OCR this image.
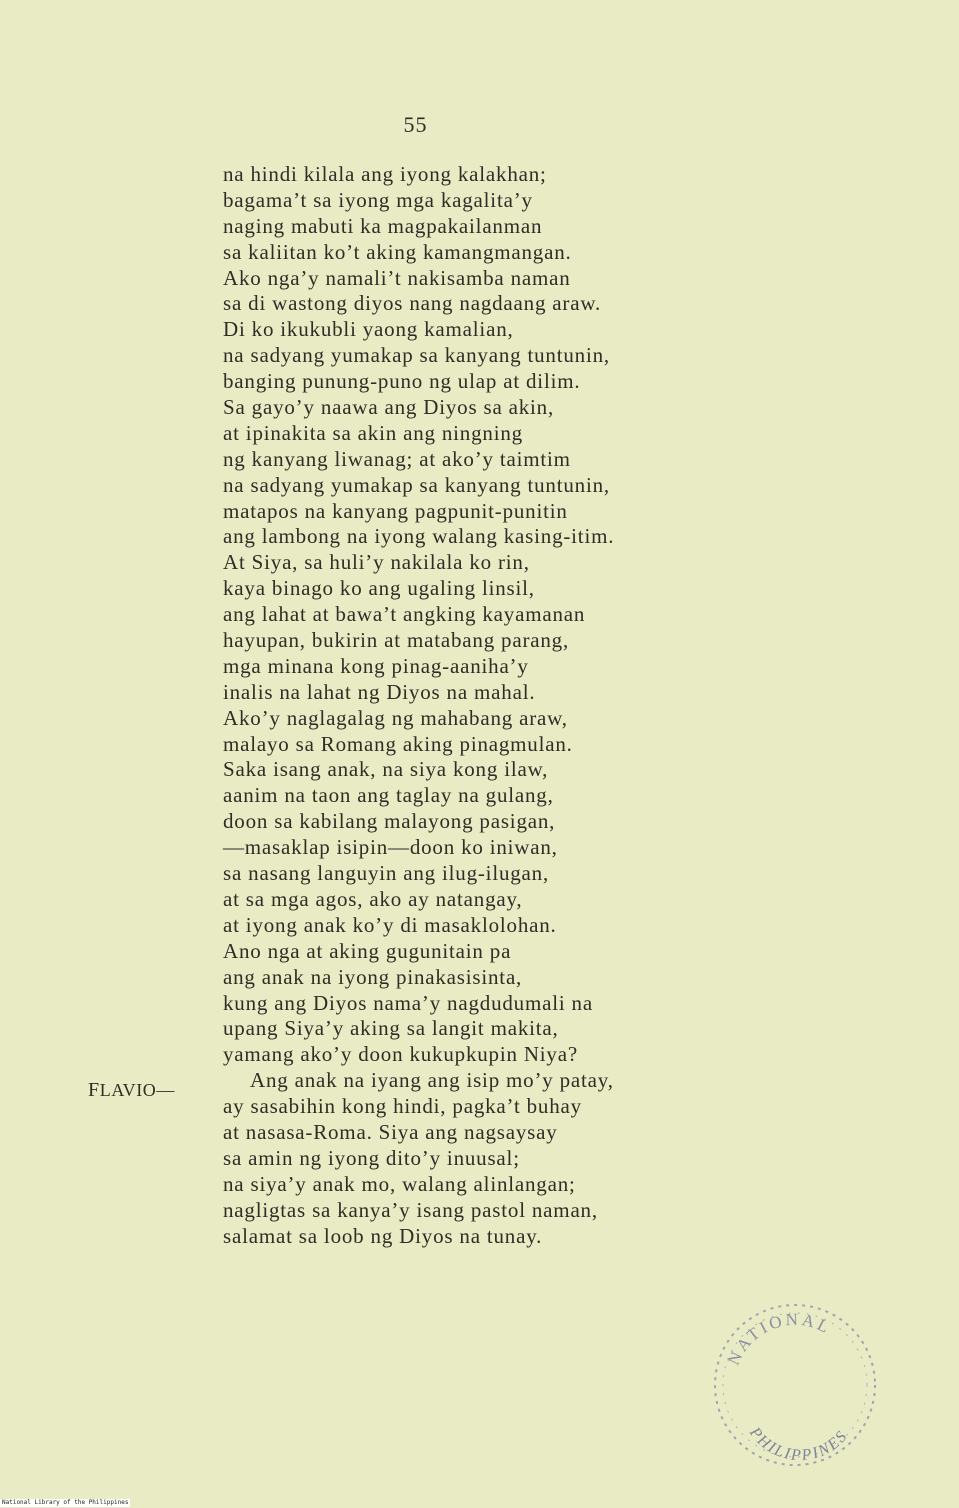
55
na hindi kilala ang iyong kalakhan;
bagama’t sa iyong mga kagalita’y
naging mabuti ka magpakailanman
sa kaliitan ko’t aking kamangmangan.
Ako nga’y namali’t nakisamba naman
sa di wastong diyos nang nagdaang araw.
Di ko ikukubli yaong kamalian,
na sadyang yumakap sa kanyang tuntunin,
banging punung-puno ng ulap at dilim.
Sa gayo’y naawa ang Diyos sa akin,
at ipinakita sa akin ang ningning
ng kanyang liwanag; at ako’y taimtim
na sadyang yumakap sa kanyang tuntunin,
matapos na kanyang pagpunit-punitin
ang lambong na iyong walang kasing-itim.
At Siya, sa huli’y nakilala ko rin,
kaya binago ko ang ugaling linsil,
ang lahat at bawa’t angking kayamanan
hayupan, bukirin at matabang parang,
mga minana kong pinag-aaniha’y
inalis na lahat ng Diyos na mahal.
Ako’y naglagalag ng mahabang araw,
malayo sa Romang aking pinagmulan.
Saka isang anak, na siya kong ilaw,
aanim na taon ang taglay na gulang,
doon sa kabilang malayong pasigan,
—masaklap isipin—doon ko iniwan,
sa nasang languyin ang ilug-ilugan,
at sa mga agos, ako ay natangay,
at iyong anak ko’y di masaklolohan.
Ano nga at aking gugunitain pa
ang anak na iyong pinakasisinta,
kung ang Diyos nama’y nagdudumali na
upang Siya’y aking sa langit makita,
yamang ako’y doon kukupkupin Niya?
Ang anak na iyang ang isip mo’y patay,
ay sasabihin kong hindi, pagka’t buhay
at nasasa-Roma. Siya ang nagsaysay
sa amin ng iyong dito’y inuusal;
na siya’y anak mo, walang alinlangan;
nagligtas sa kanya’y isang pastol naman,
salamat sa loob ng Diyos na tunay.
FLAVIO—
NATIONAL
PHILIPPINES
National Library of the Philippines
